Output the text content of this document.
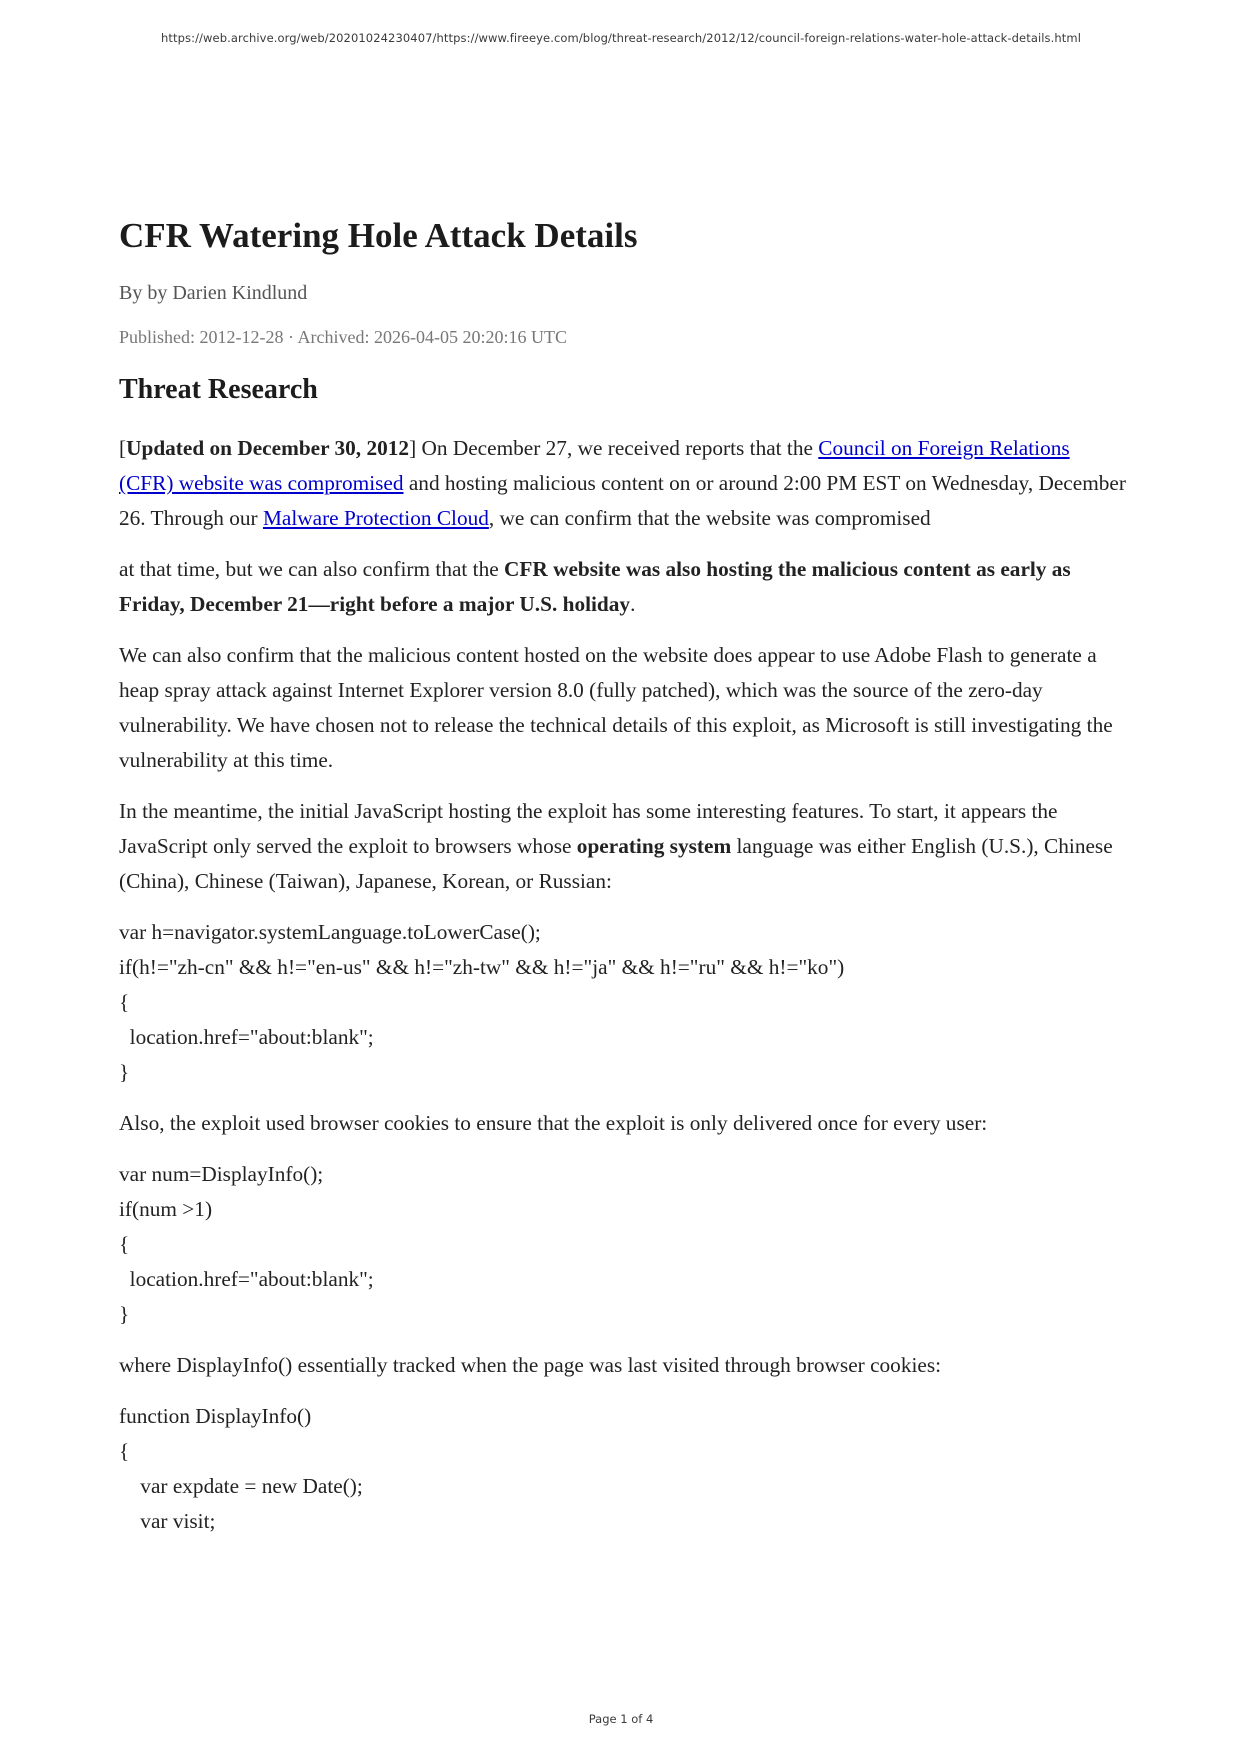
https://web.archive.org/web/20201024230407/https://www.fireeye.com/blog/threat-research/2012/12/council-foreign-relations-water-hole-attack-details.html
CFR Watering Hole Attack Details
By by Darien Kindlund
Published: 2012-12-28 · Archived: 2026-04-05 20:20:16 UTC
Threat Research
[Updated on December 30, 2012] On December 27, we received reports that the Council on Foreign Relations (CFR) website was compromised and hosting malicious content on or around 2:00 PM EST on Wednesday, December 26. Through our Malware Protection Cloud, we can confirm that the website was compromised
at that time, but we can also confirm that the CFR website was also hosting the malicious content as early as Friday, December 21—right before a major U.S. holiday.
We can also confirm that the malicious content hosted on the website does appear to use Adobe Flash to generate a heap spray attack against Internet Explorer version 8.0 (fully patched), which was the source of the zero-day vulnerability. We have chosen not to release the technical details of this exploit, as Microsoft is still investigating the vulnerability at this time.
In the meantime, the initial JavaScript hosting the exploit has some interesting features. To start, it appears the JavaScript only served the exploit to browsers whose operating system language was either English (U.S.), Chinese (China), Chinese (Taiwan), Japanese, Korean, or Russian:
var h=navigator.systemLanguage.toLowerCase();
if(h!="zh-cn" && h!="en-us" && h!="zh-tw" && h!="ja" && h!="ru" && h!="ko")
{
location.href="about:blank";
}
Also, the exploit used browser cookies to ensure that the exploit is only delivered once for every user:
var num=DisplayInfo();
if(num >1)
{
location.href="about:blank";
}
where DisplayInfo() essentially tracked when the page was last visited through browser cookies:
function DisplayInfo()
{
var expdate = new Date();
var visit;
Page 1 of 4
